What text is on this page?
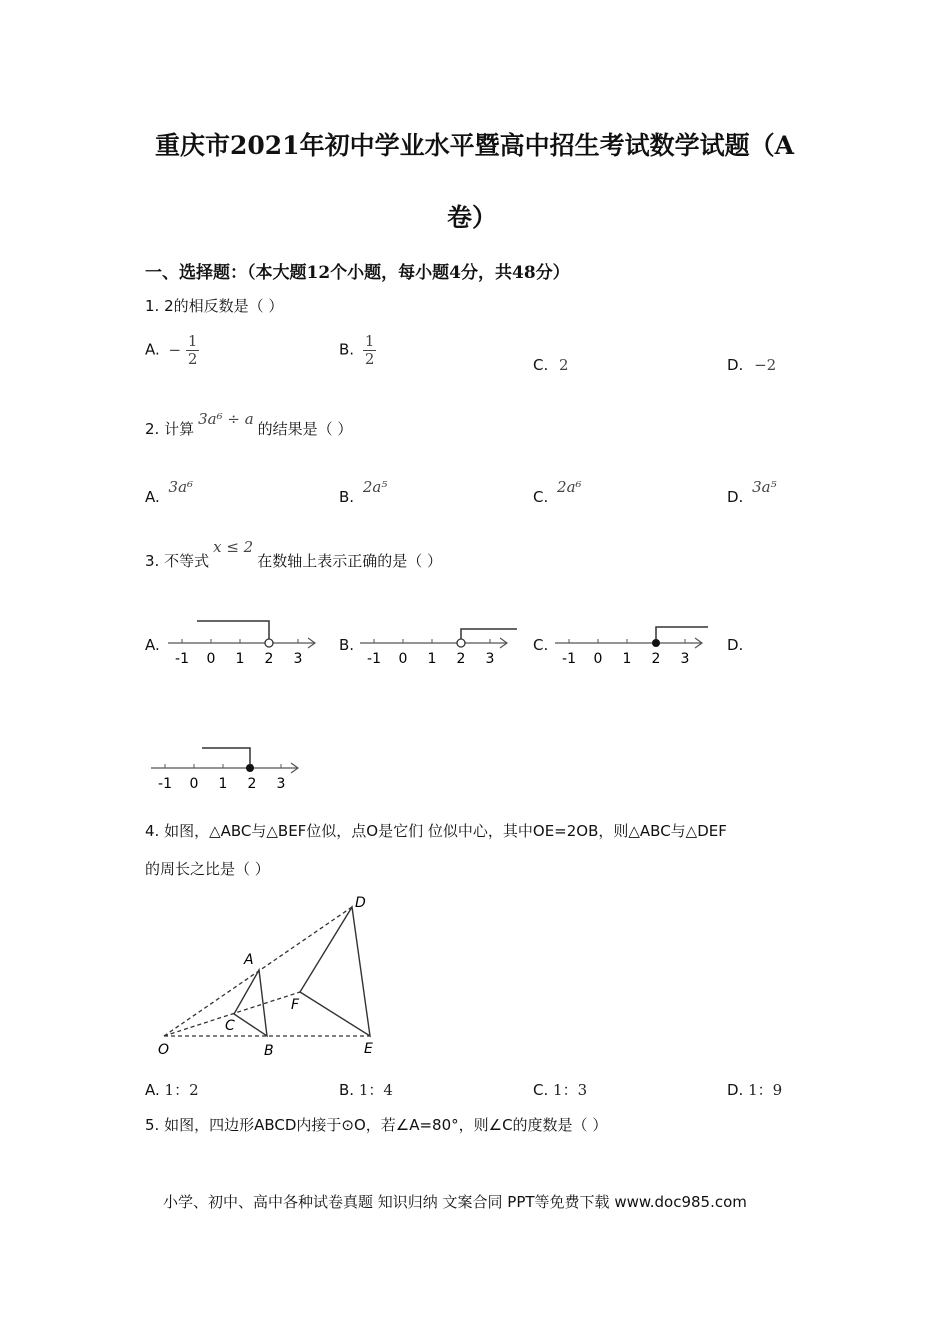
重庆市2021年初中学业水平暨高中招生考试数学试题（A
卷）
一、选择题：（本大题12个小题，每小题4分，共48分）
1. 2的相反数是（ ）
A. − $\frac{1}{2}$	B. $\frac{1}{2}$	C. 2	D. −2
2. 计算3a⁶ ÷ a的结果是（ ）
A. 3a⁶
B. 2a⁵
C. 2a⁶
D. 3a⁵
3. 不等式x ≤ 2在数轴上表示正确的是（ ）
A.	B.	C.	D.
-1 0 1 2 3	-1 0 1 2 3	-1 0 1 2 3
-1 0 1 2 3
4. 如图，△ABC与△BEF位似，点O是它们 位似中心，其中OE=2OB，则△ABC与△DEF
的周长之比是（ ）
O
A
B
C
D
E
F
A. 1：2	B. 1：4	C. 1：3	D. 1：9
5. 如图，四边形ABCD内接于⊙O，若∠A=80°，则∠C的度数是（ ）
小学、初中、高中各种试卷真题 知识归纳 文案合同 PPT等免费下载 www.doc985.com
